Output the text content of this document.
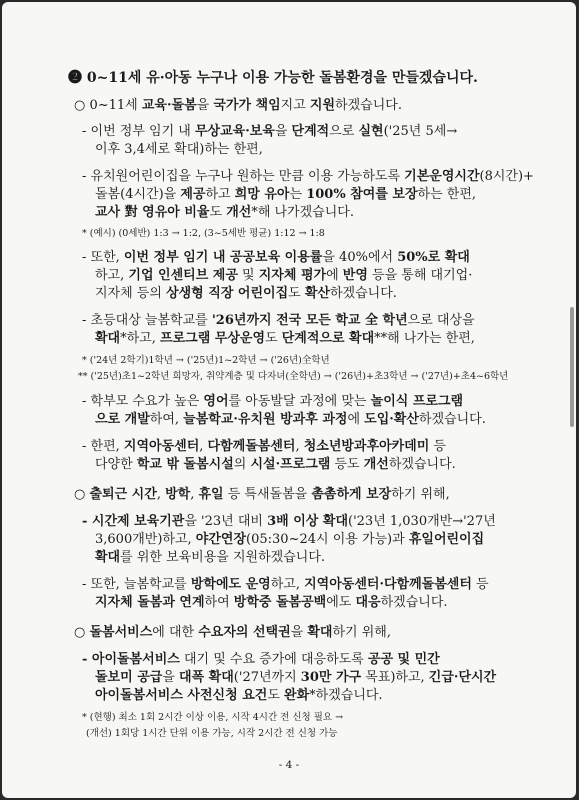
❷ 0~11세 유·아동 누구나 이용 가능한 돌봄환경을 만들겠습니다.
○ 0~11세 교육·돌봄을 국가가 책임지고 지원하겠습니다.
- 이번 정부 임기 내 무상교육·보육을 단계적으로 실현('25년 5세→
이후 3,4세로 확대)하는 한편,
- 유치원어린이집을 누구나 원하는 만큼 이용 가능하도록 기본운영시간(8시간)+
돌봄(4시간)을 제공하고 희망 유아는 100% 참여를 보장하는 한편,
교사 對 영유아 비율도 개선*해 나가겠습니다.
* (예시) (0세반) 1:3 → 1:2, (3~5세반 평균) 1:12 → 1:8
- 또한, 이번 정부 임기 내 공공보육 이용률을 40%에서 50%로 확대
하고, 기업 인센티브 제공 및 지자체 평가에 반영 등을 통해 대기업·
지자체 등의 상생형 직장 어린이집도 확산하겠습니다.
- 초등대상 늘봄학교를 '26년까지 전국 모든 학교 全 학년으로 대상을
확대*하고, 프로그램 무상운영도 단계적으로 확대**해 나가는 한편,
* ('24년 2학기)1학년 → ('25년)1~2학년 → ('26년)全학년
** ('25년)초1~2학년 희망자, 취약계층 및 다자녀(全학년) → ('26년)+초3학년 → ('27년)+초4~6학년
- 학부모 수요가 높은 영어를 아동발달 과정에 맞는 놀이식 프로그램
으로 개발하여, 늘봄학교·유치원 방과후 과정에 도입·확산하겠습니다.
- 한편, 지역아동센터, 다함께돌봄센터, 청소년방과후아카데미 등
다양한 학교 밖 돌봄시설의 시설·프로그램 등도 개선하겠습니다.
○ 출퇴근 시간, 방학, 휴일 등 특새돌봄을 촘촘하게 보장하기 위해,
- 시간제 보육기관을 '23년 대비 3배 이상 확대('23년 1,030개반→'27년
3,600개반)하고, 야간연장(05:30~24시 이용 가능)과 휴일어린이집
확대를 위한 보육비용을 지원하겠습니다.
- 또한, 늘봄학교를 방학에도 운영하고, 지역아동센터·다함께돌봄센터 등
지자체 돌봄과 연계하여 방학중 돌봄공백에도 대응하겠습니다.
○ 돌봄서비스에 대한 수요자의 선택권을 확대하기 위해,
- 아이돌봄서비스 대기 및 수요 증가에 대응하도록 공공 및 민간
돌보미 공급을 대폭 확대('27년까지 30만 가구 목표)하고, 긴급·단시간
아이돌봄서비스 사전신청 요건도 완화*하겠습니다.
* (현행) 최소 1회 2시간 이상 이용, 시작 4시간 전 신청 필요 →
(개선) 1회당 1시간 단위 이용 가능, 시작 2시간 전 신청 가능
- 4 -
